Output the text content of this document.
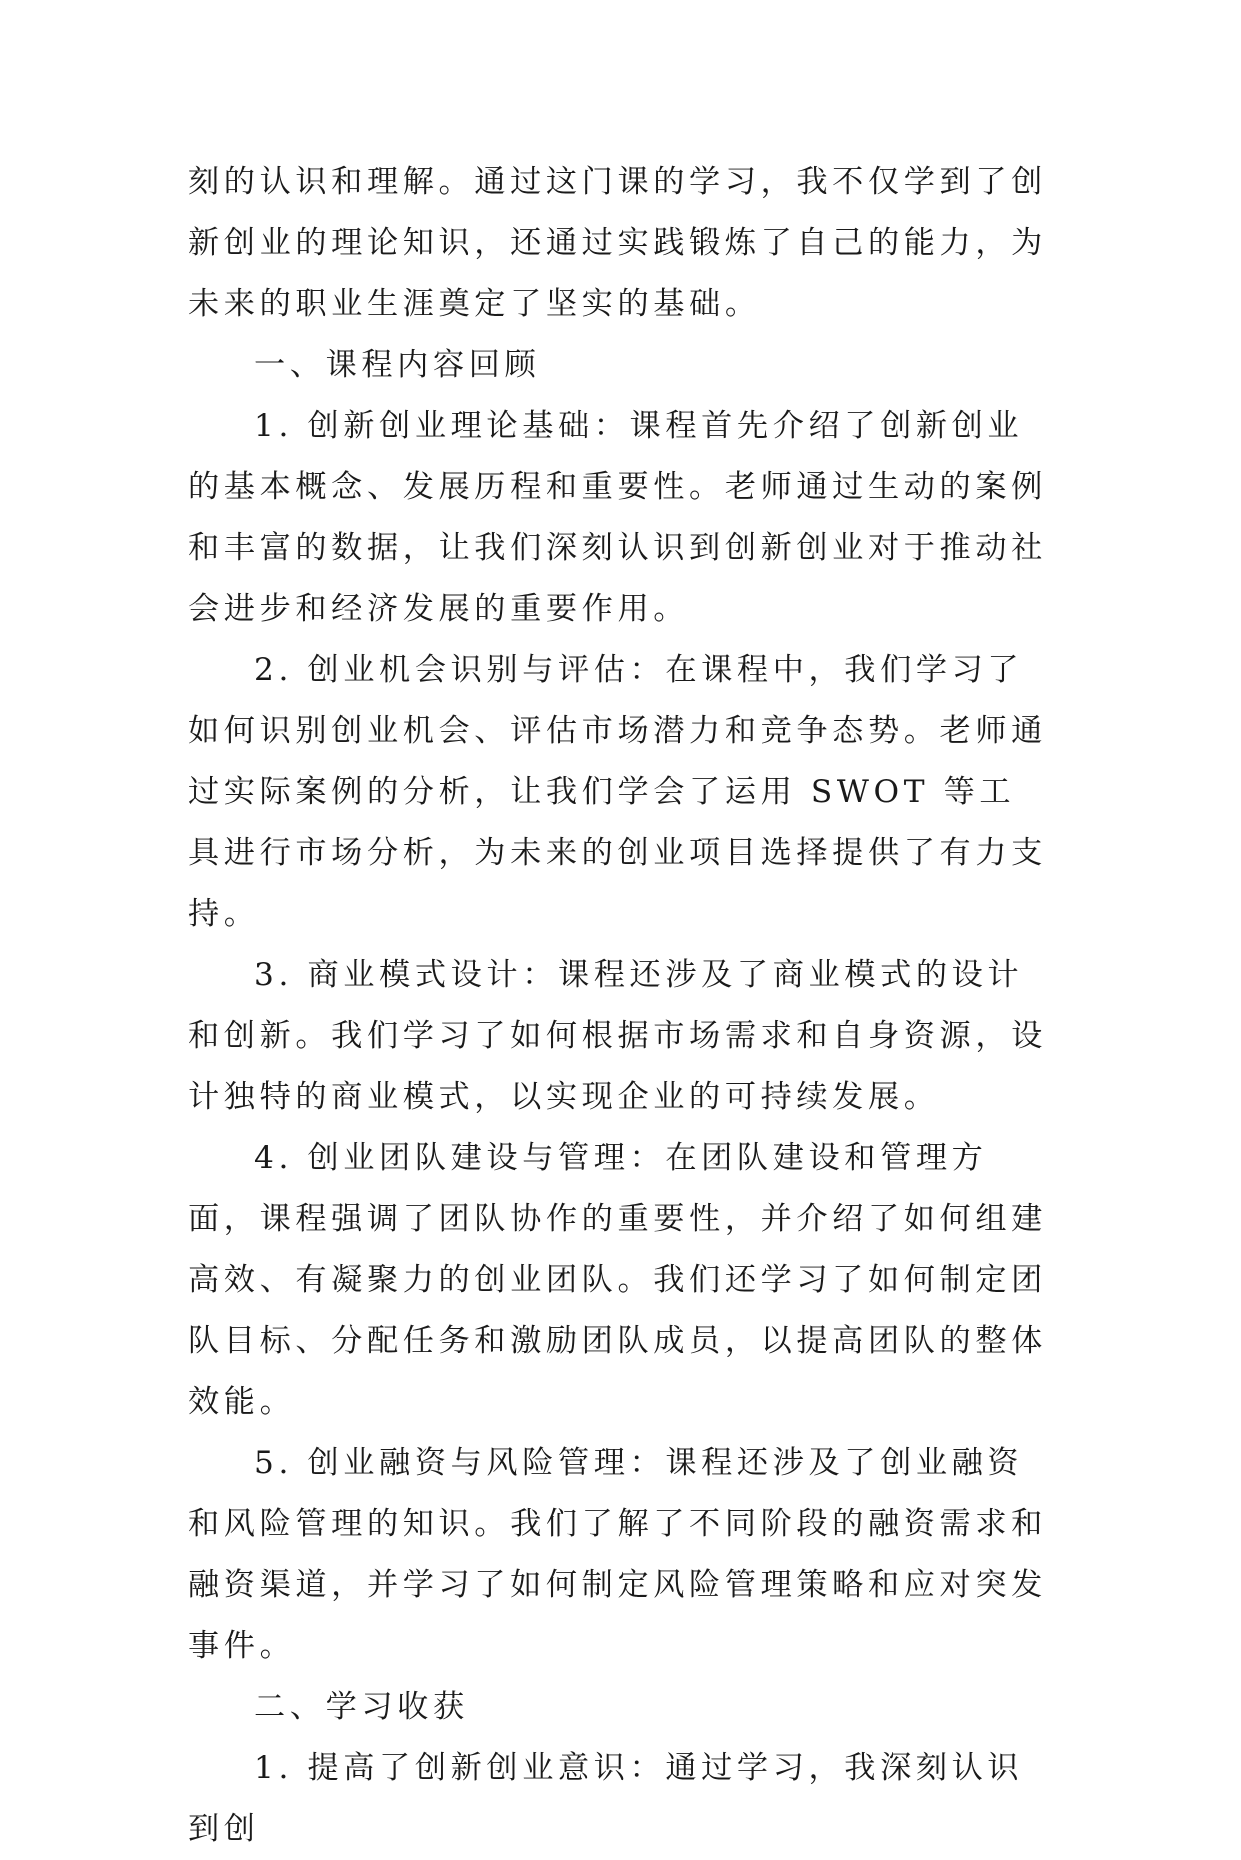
刻的认识和理解。通过这门课的学习，我不仅学到了创新创业的理论知识，还通过实践锻炼了自己的能力，为未来的职业生涯奠定了坚实的基础。

一、课程内容回顾

1. 创新创业理论基础：课程首先介绍了创新创业的基本概念、发展历程和重要性。老师通过生动的案例和丰富的数据，让我们深刻认识到创新创业对于推动社会进步和经济发展的重要作用。

2. 创业机会识别与评估：在课程中，我们学习了如何识别创业机会、评估市场潜力和竞争态势。老师通过实际案例的分析，让我们学会了运用 SWOT 等工具进行市场分析，为未来的创业项目选择提供了有力支持。

3. 商业模式设计：课程还涉及了商业模式的设计和创新。我们学习了如何根据市场需求和自身资源，设计独特的商业模式，以实现企业的可持续发展。

4. 创业团队建设与管理：在团队建设和管理方面，课程强调了团队协作的重要性，并介绍了如何组建高效、有凝聚力的创业团队。我们还学习了如何制定团队目标、分配任务和激励团队成员，以提高团队的整体效能。

5. 创业融资与风险管理：课程还涉及了创业融资和风险管理的知识。我们了解了不同阶段的融资需求和融资渠道，并学习了如何制定风险管理策略和应对突发事件。

二、学习收获

1. 提高了创新创业意识：通过学习，我深刻认识到创
